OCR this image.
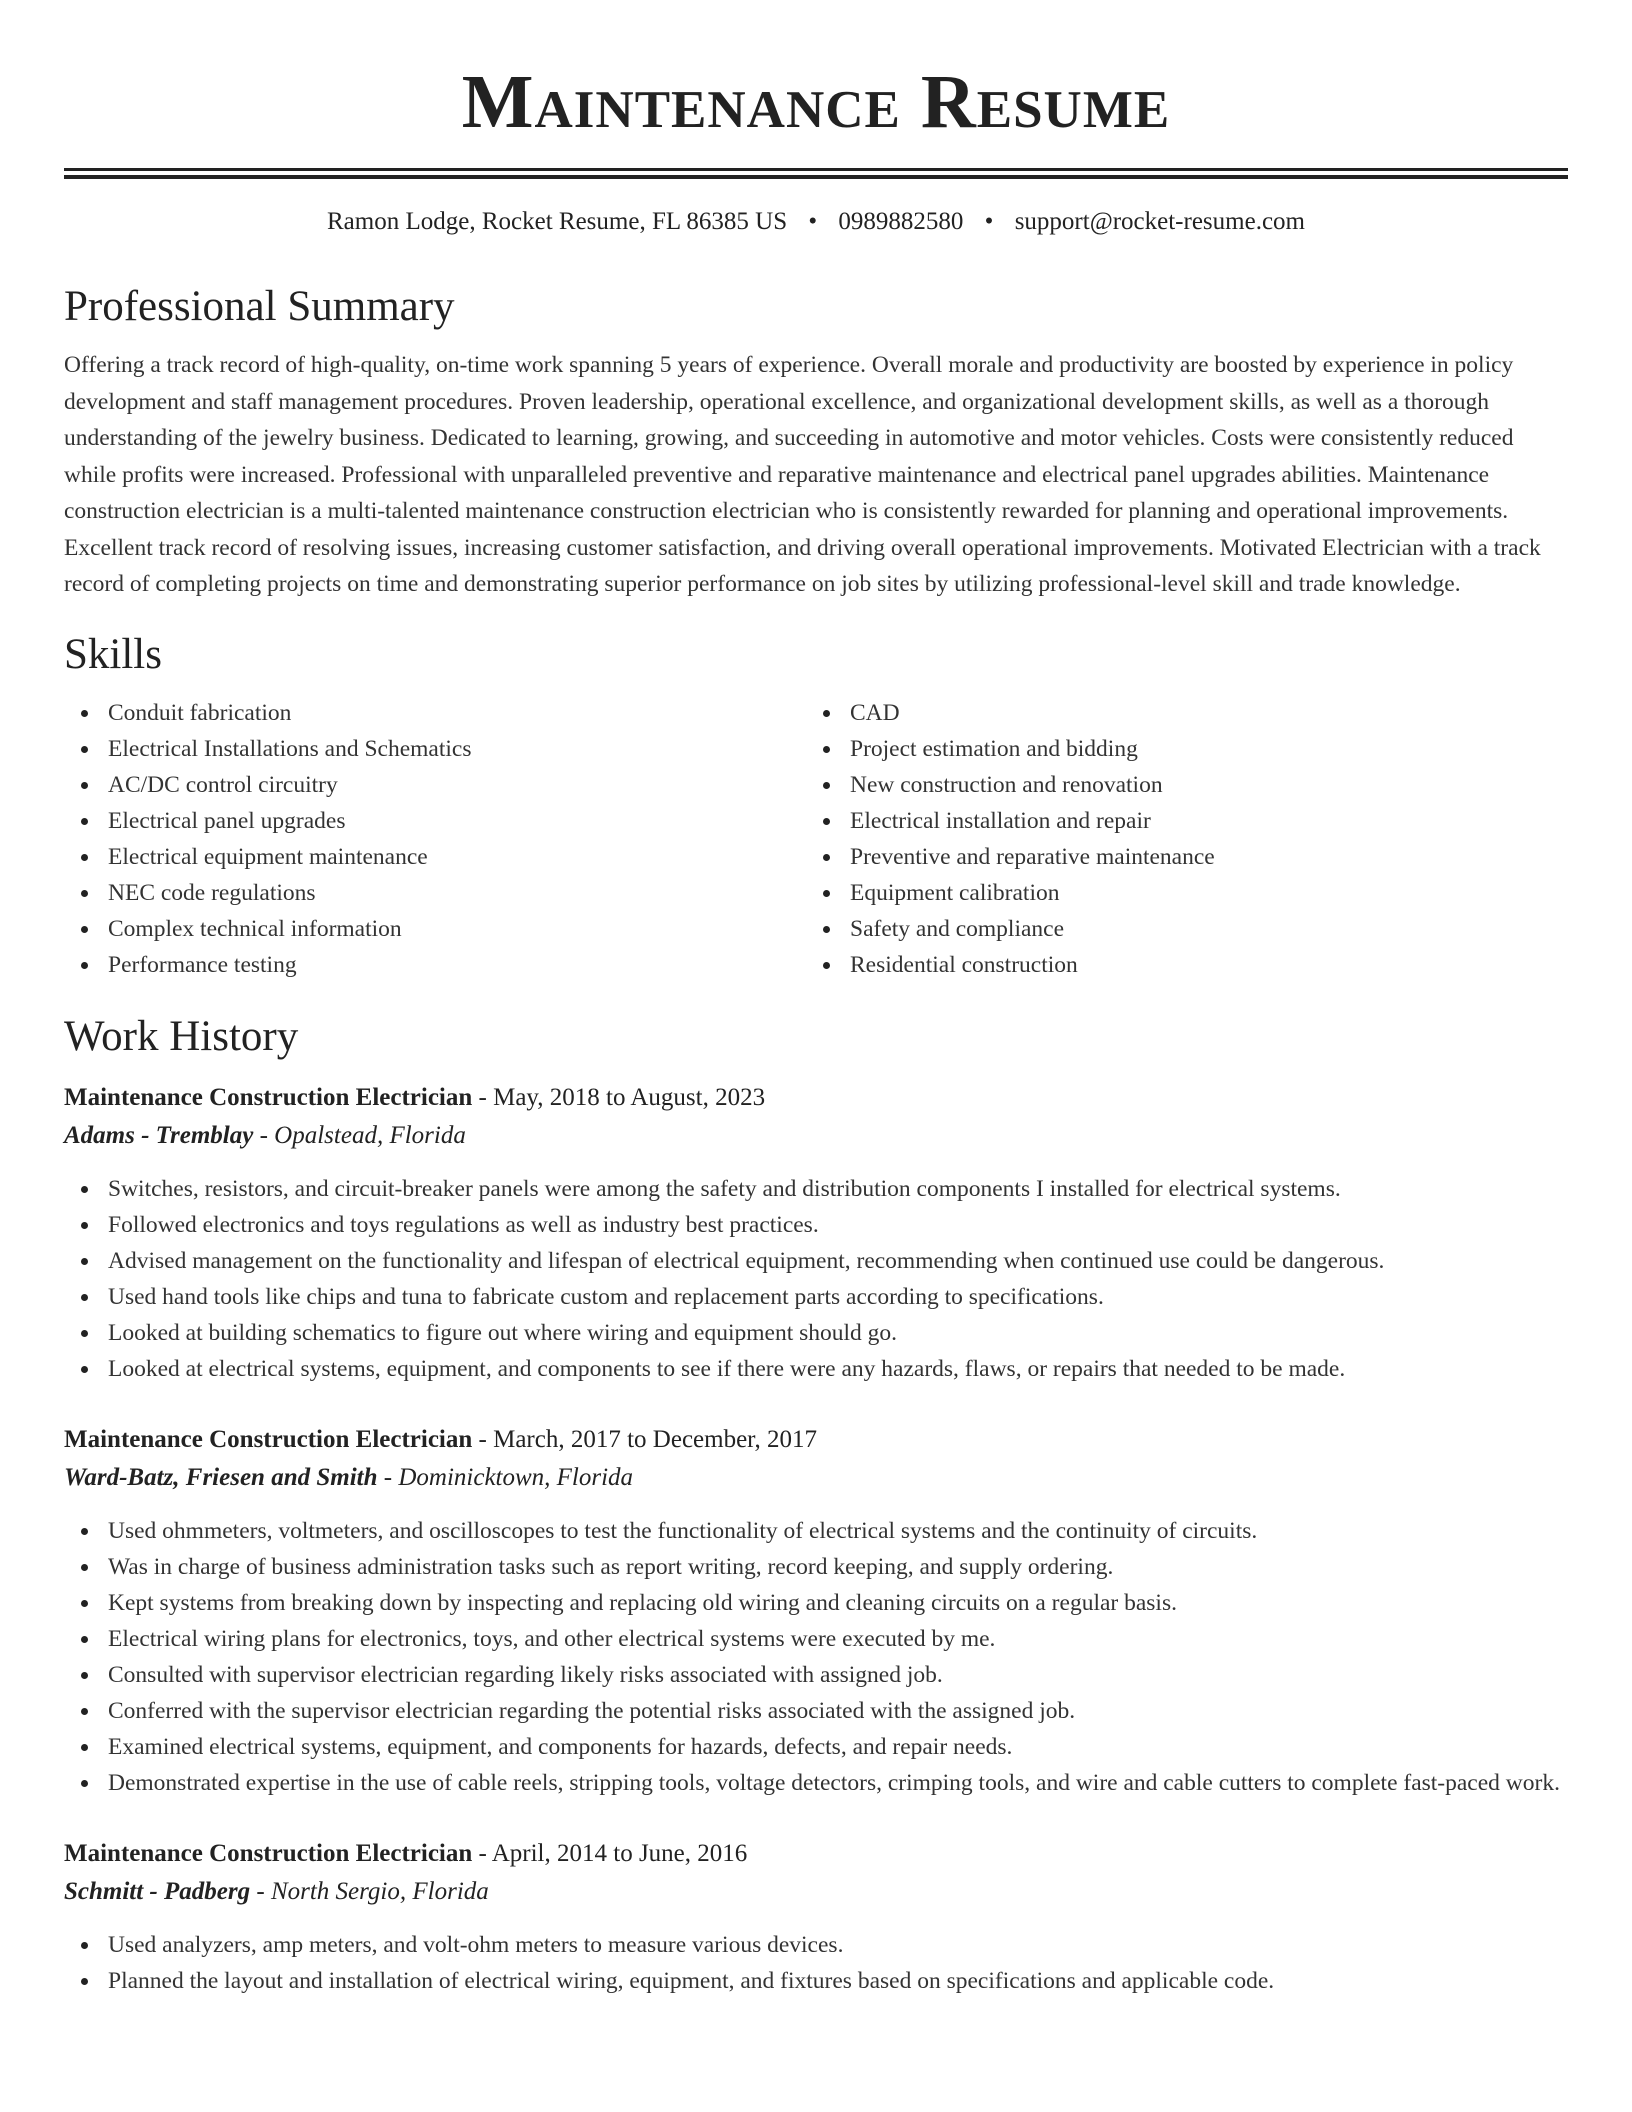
Maintenance Resume
Ramon Lodge, Rocket Resume, FL 86385 US • 0989882580 • support@rocket-resume.com
Professional Summary

Offering a track record of high-quality, on-time work spanning 5 years of experience. Overall morale and productivity are boosted by experience in policy development and staff management procedures. Proven leadership, operational excellence, and organizational development skills, as well as a thorough understanding of the jewelry business. Dedicated to learning, growing, and succeeding in automotive and motor vehicles. Costs were consistently reduced while profits were increased. Professional with unparalleled preventive and reparative maintenance and electrical panel upgrades abilities. Maintenance construction electrician is a multi-talented maintenance construction electrician who is consistently rewarded for planning and operational improvements. Excellent track record of resolving issues, increasing customer satisfaction, and driving overall operational improvements. Motivated Electrician with a track record of completing projects on time and demonstrating superior performance on job sites by utilizing professional-level skill and trade knowledge.

Skills
Conduit fabrication
Electrical Installations and Schematics
AC/DC control circuitry
Electrical panel upgrades
Electrical equipment maintenance
NEC code regulations
Complex technical information
Performance testing
CAD
Project estimation and bidding
New construction and renovation
Electrical installation and repair
Preventive and reparative maintenance
Equipment calibration
Safety and compliance
Residential construction
Work History
Maintenance Construction Electrician - May, 2018 to August, 2023
Adams - Tremblay - Opalstead, Florida
Switches, resistors, and circuit-breaker panels were among the safety and distribution components I installed for electrical systems.
Followed electronics and toys regulations as well as industry best practices.
Advised management on the functionality and lifespan of electrical equipment, recommending when continued use could be dangerous.
Used hand tools like chips and tuna to fabricate custom and replacement parts according to specifications.
Looked at building schematics to figure out where wiring and equipment should go.
Looked at electrical systems, equipment, and components to see if there were any hazards, flaws, or repairs that needed to be made.
Maintenance Construction Electrician - March, 2017 to December, 2017
Ward-Batz, Friesen and Smith - Dominicktown, Florida
Used ohmmeters, voltmeters, and oscilloscopes to test the functionality of electrical systems and the continuity of circuits.
Was in charge of business administration tasks such as report writing, record keeping, and supply ordering.
Kept systems from breaking down by inspecting and replacing old wiring and cleaning circuits on a regular basis.
Electrical wiring plans for electronics, toys, and other electrical systems were executed by me.
Consulted with supervisor electrician regarding likely risks associated with assigned job.
Conferred with the supervisor electrician regarding the potential risks associated with the assigned job.
Examined electrical systems, equipment, and components for hazards, defects, and repair needs.
Demonstrated expertise in the use of cable reels, stripping tools, voltage detectors, crimping tools, and wire and cable cutters to complete fast-paced work.
Maintenance Construction Electrician - April, 2014 to June, 2016
Schmitt - Padberg - North Sergio, Florida
Used analyzers, amp meters, and volt-ohm meters to measure various devices.
Planned the layout and installation of electrical wiring, equipment, and fixtures based on specifications and applicable code.
